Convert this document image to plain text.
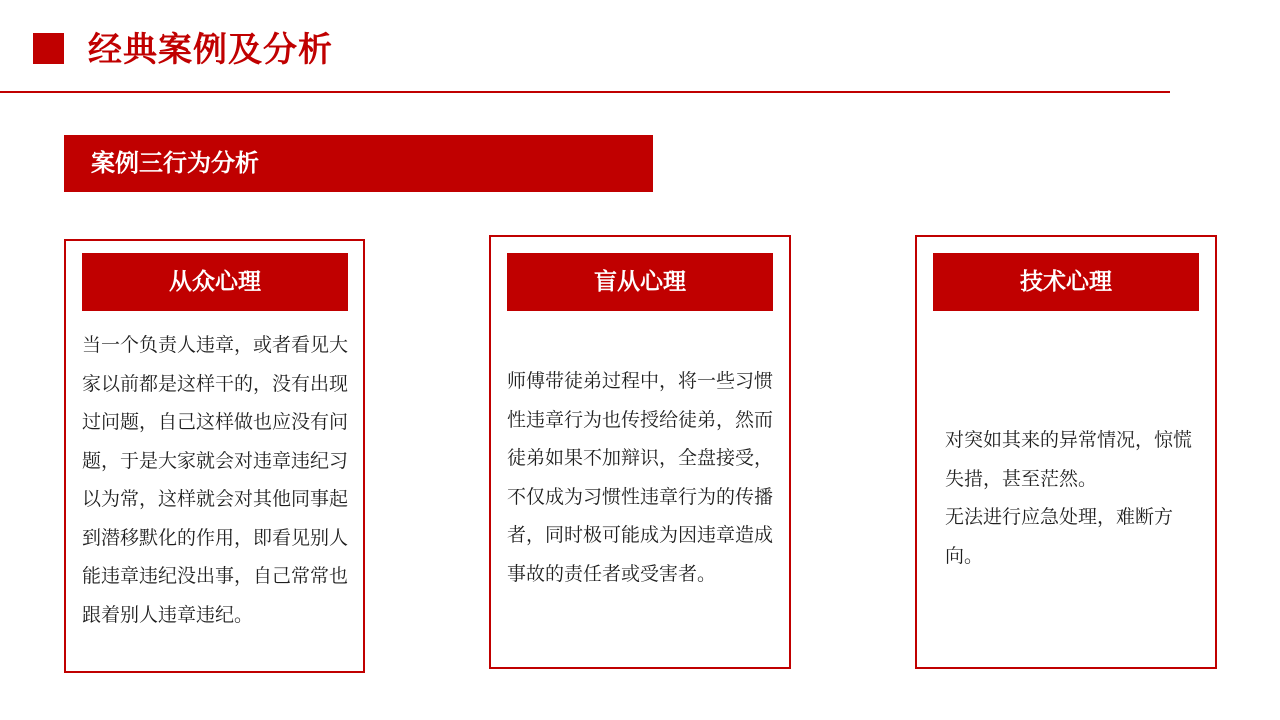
经典案例及分析
案例三行为分析
从众心理

当一个负责人违章，或者看见大家以前都是这样干的，没有出现过问题，自己这样做也应没有问题，于是大家就会对违章违纪习以为常，这样就会对其他同事起到潜移默化的作用，即看见别人能违章违纪没出事，自己常常也跟着别人违章违纪。

盲从心理

师傅带徒弟过程中，将一些习惯性违章行为也传授给徒弟，然而徒弟如果不加辩识，全盘接受，不仅成为习惯性违章行为的传播者，同时极可能成为因违章造成事故的责任者或受害者。

技术心理

对突如其来的异常情况，惊慌失措，甚至茫然。

无法进行应急处理，难断方向。
